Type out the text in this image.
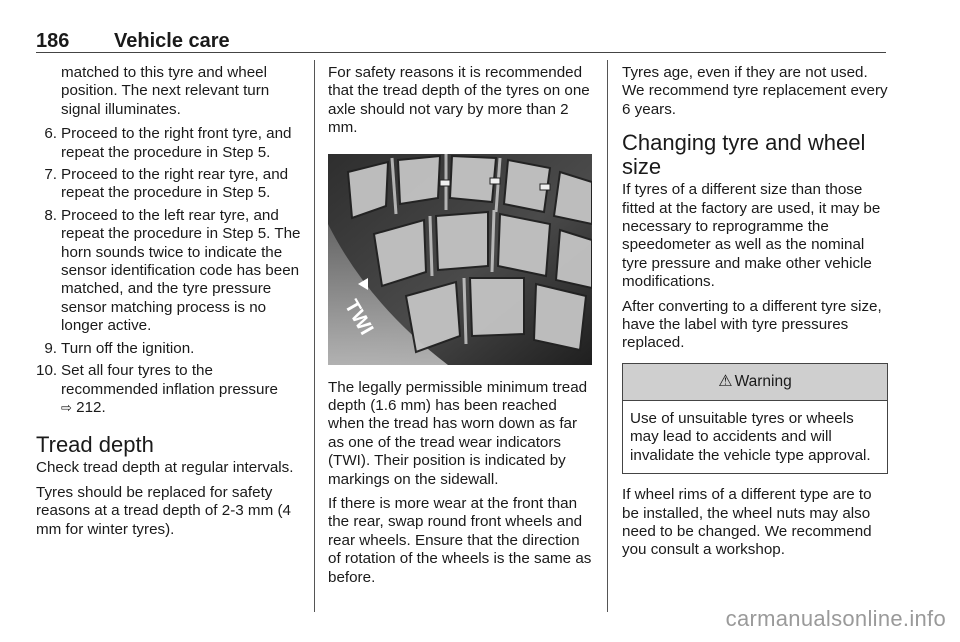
186	Vehicle care

matched to this tyre and wheel position. The next relevant turn signal illuminates.

6. Proceed to the right front tyre, and repeat the procedure in Step 5.
7. Proceed to the right rear tyre, and repeat the procedure in Step 5.
8. Proceed to the left rear tyre, and repeat the procedure in Step 5. The horn sounds twice to indicate the sensor identification code has been matched, and the tyre pressure sensor matching process is no longer active.
9. Turn off the ignition.
10. Set all four tyres to the recommended inflation pressure
⇨ 212.
Tread depth

Check tread depth at regular intervals.

Tyres should be replaced for safety reasons at a tread depth of 2-3 mm (4 mm for winter tyres).

For safety reasons it is recommended that the tread depth of the tyres on one axle should not vary by more than 2 mm.

TWI

The legally permissible minimum tread depth (1.6 mm) has been reached when the tread has worn down as far as one of the tread wear indicators (TWI). Their position is indicated by markings on the sidewall.

If there is more wear at the front than the rear, swap round front wheels and rear wheels. Ensure that the direction of rotation of the wheels is the same as before.

Tyres age, even if they are not used. We recommend tyre replacement every 6 years.

Changing tyre and wheel size

If tyres of a different size than those fitted at the factory are used, it may be necessary to reprogramme the speedometer as well as the nominal tyre pressure and make other vehicle modifications.

After converting to a different tyre size, have the label with tyre pressures replaced.

⚠ Warning
Use of unsuitable tyres or wheels may lead to accidents and will invalidate the vehicle type approval.

If wheel rims of a different type are to be installed, the wheel nuts may also need to be changed. We recommend you consult a workshop.

carmanualsonline.info
